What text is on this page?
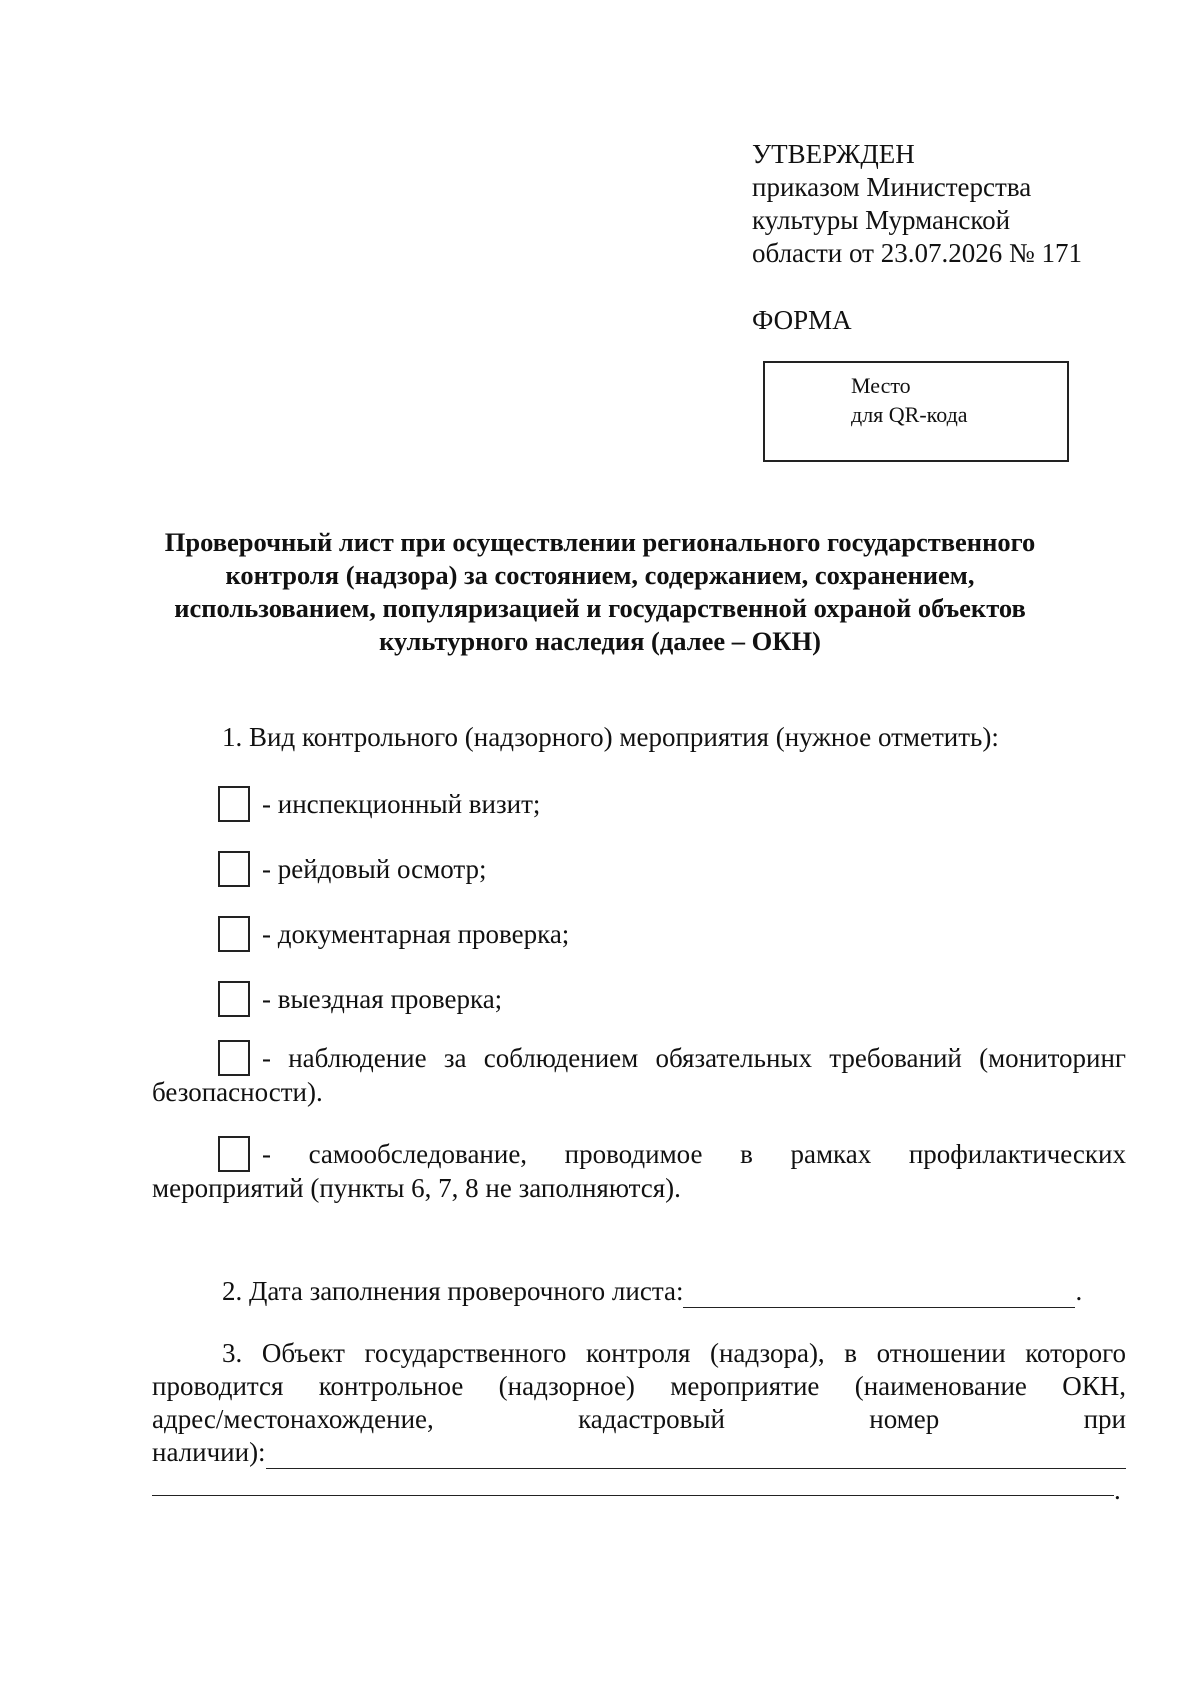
УТВЕРЖДЕН
приказом Министерства
культуры Мурманской
области от 23.07.2026 № 171
ФОРМА
Место
для QR-кода
Проверочный лист при осуществлении регионального государственного
контроля (надзора) за состоянием, содержанием, сохранением,
использованием, популяризацией и государственной охраной объектов
культурного наследия (далее – ОКН)
1. Вид контрольного (надзорного) мероприятия (нужное отметить):
- инспекционный визит;
- рейдовый осмотр;
- документарная проверка;
- выездная проверка;
- наблюдение за соблюдением обязательных требований (мониторинг
безопасности).
- самообследование, проводимое в рамках профилактических
мероприятий (пункты 6, 7, 8 не заполняются).
2. Дата заполнения проверочного листа:	.
3. Объект государственного контроля (надзора), в отношении которого
проводится контрольное (надзорное) мероприятие (наименование ОКН,
адрес/местонахождение, кадастровый номер при
наличии):
.
